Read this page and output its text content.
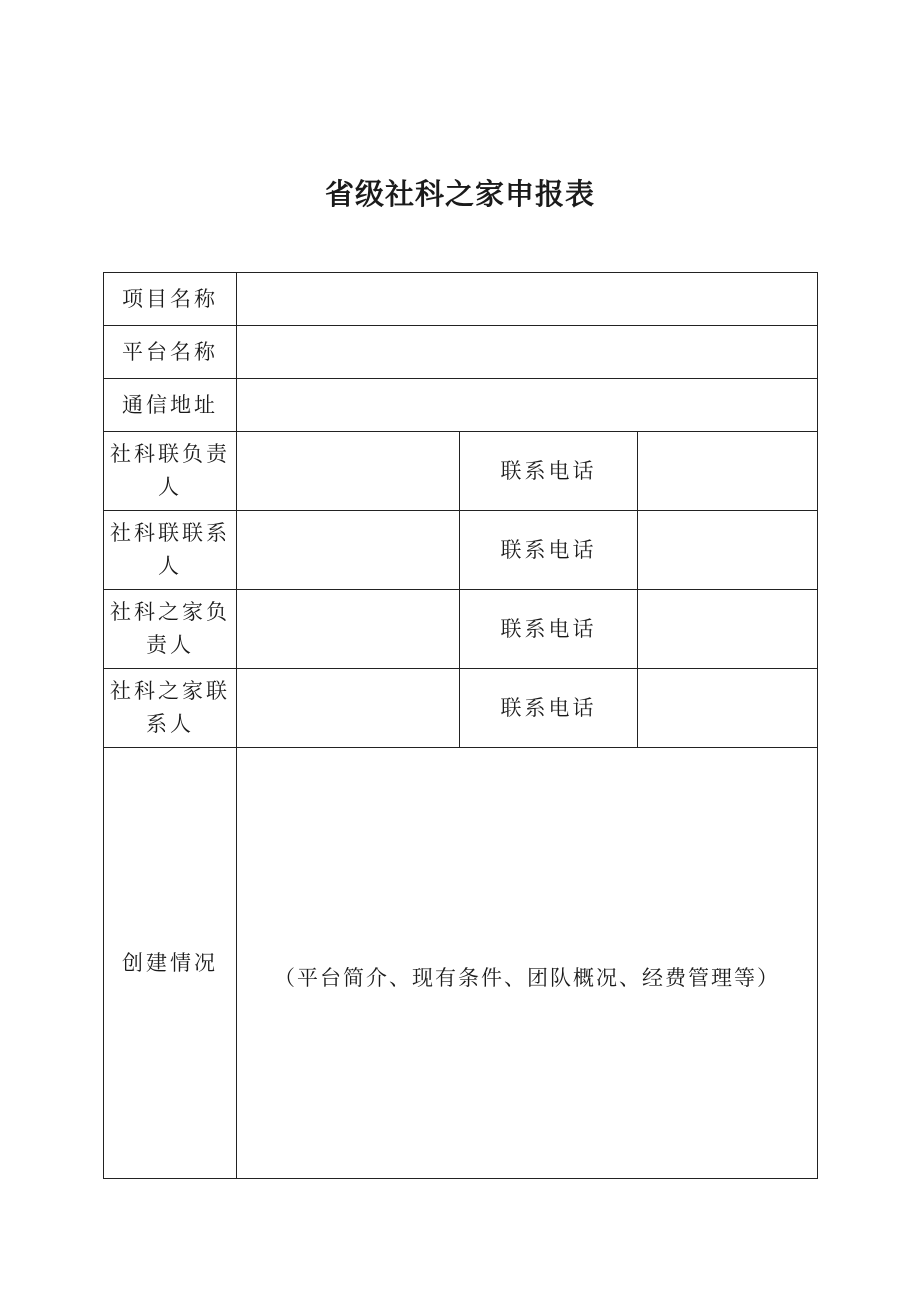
省级社科之家申报表
项目名称			
平台名称			
通信地址			
社科联负责人		联系电话	
社科联联系人		联系电话	
社科之家负责人		联系电话	
社科之家联系人		联系电话	
创建情况	（平台简介、现有条件、团队概况、经费管理等）		
